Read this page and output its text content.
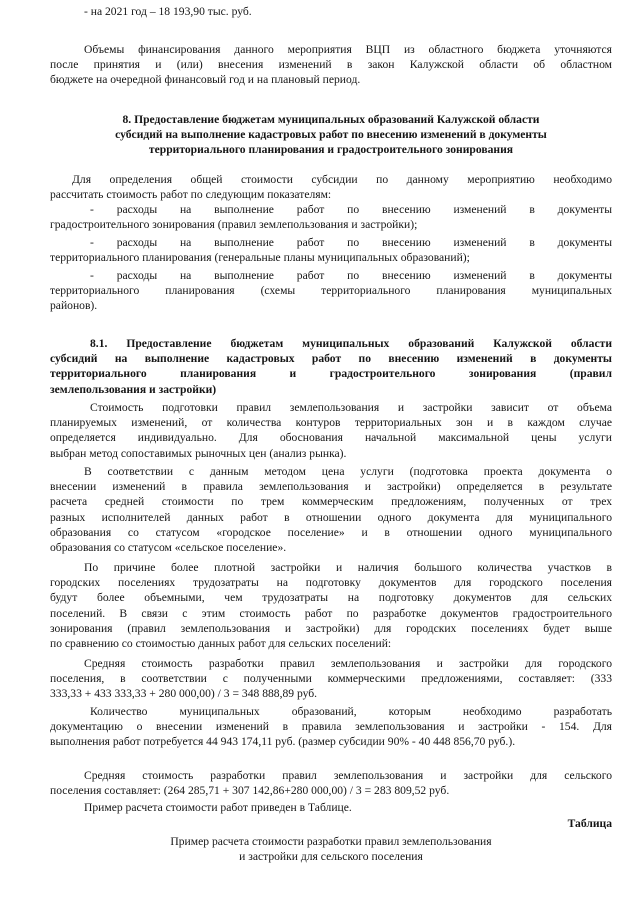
- на 2021 год – 18 193,90 тыс. руб.
Объемы финансирования данного мероприятия ВЦП из областного бюджета уточняются
после принятия и (или) внесения изменений в закон Калужской области об областном
бюджете на очередной финансовый год и на плановый период.
8. Предоставление бюджетам муниципальных образований Калужской области
субсидий на выполнение кадастровых работ по внесению изменений в документы
территориального планирования и градостроительного зонирования
Для определения общей стоимости субсидии по данному мероприятию необходимо
рассчитать стоимость работ по следующим показателям:
- расходы на выполнение работ по внесению изменений в документы
градостроительного зонирования (правил землепользования и застройки);
- расходы на выполнение работ по внесению изменений в документы
территориального планирования (генеральные планы муниципальных образований);
- расходы на выполнение работ по внесению изменений в документы
территориального планирования (схемы территориального планирования муниципальных
районов).
8.1. Предоставление бюджетам муниципальных образований Калужской области
субсидий на выполнение кадастровых работ по внесению изменений в документы
территориального планирования и градостроительного зонирования (правил
землепользования и застройки)
Стоимость подготовки правил землепользования и застройки зависит от объема
планируемых изменений, от количества контуров территориальных зон и в каждом случае
определяется индивидуально. Для обоснования начальной максимальной цены услуги
выбран метод сопоставимых рыночных цен (анализ рынка).
В соответствии с данным методом цена услуги (подготовка проекта документа о
внесении изменений в правила землепользования и застройки) определяется в результате
расчета средней стоимости по трем коммерческим предложениям, полученных от трех
разных исполнителей данных работ в отношении одного документа для муниципального
образования со статусом «городское поселение» и в отношении одного муниципального
образования со статусом «сельское поселение».
По причине более плотной застройки и наличия большого количества участков в
городских поселениях трудозатраты на подготовку документов для городского поселения
будут более объемными, чем трудозатраты на подготовку документов для сельских
поселений. В связи с этим стоимость работ по разработке документов градостроительного
зонирования (правил землепользования и застройки) для городских поселениях будет выше
по сравнению со стоимостью данных работ для сельских поселений:
Средняя стоимость разработки правил землепользования и застройки для городского
поселения, в соответствии с полученными коммерческими предложениями, составляет: (333
333,33 + 433 333,33 + 280 000,00) / 3 = 348 888,89 руб.
Количество муниципальных образований, которым необходимо разработать
документацию о внесении изменений в правила землепользования и застройки - 154. Для
выполнения работ потребуется 44 943 174,11 руб. (размер субсидии 90% - 40 448 856,70 руб.).
Средняя стоимость разработки правил землепользования и застройки для сельского
поселения составляет: (264 285,71 + 307 142,86+280 000,00) / 3 = 283 809,52 руб.
Пример расчета стоимости работ приведен в Таблице.
Таблица
Пример расчета стоимости разработки правил землепользования
и застройки для сельского поселения
